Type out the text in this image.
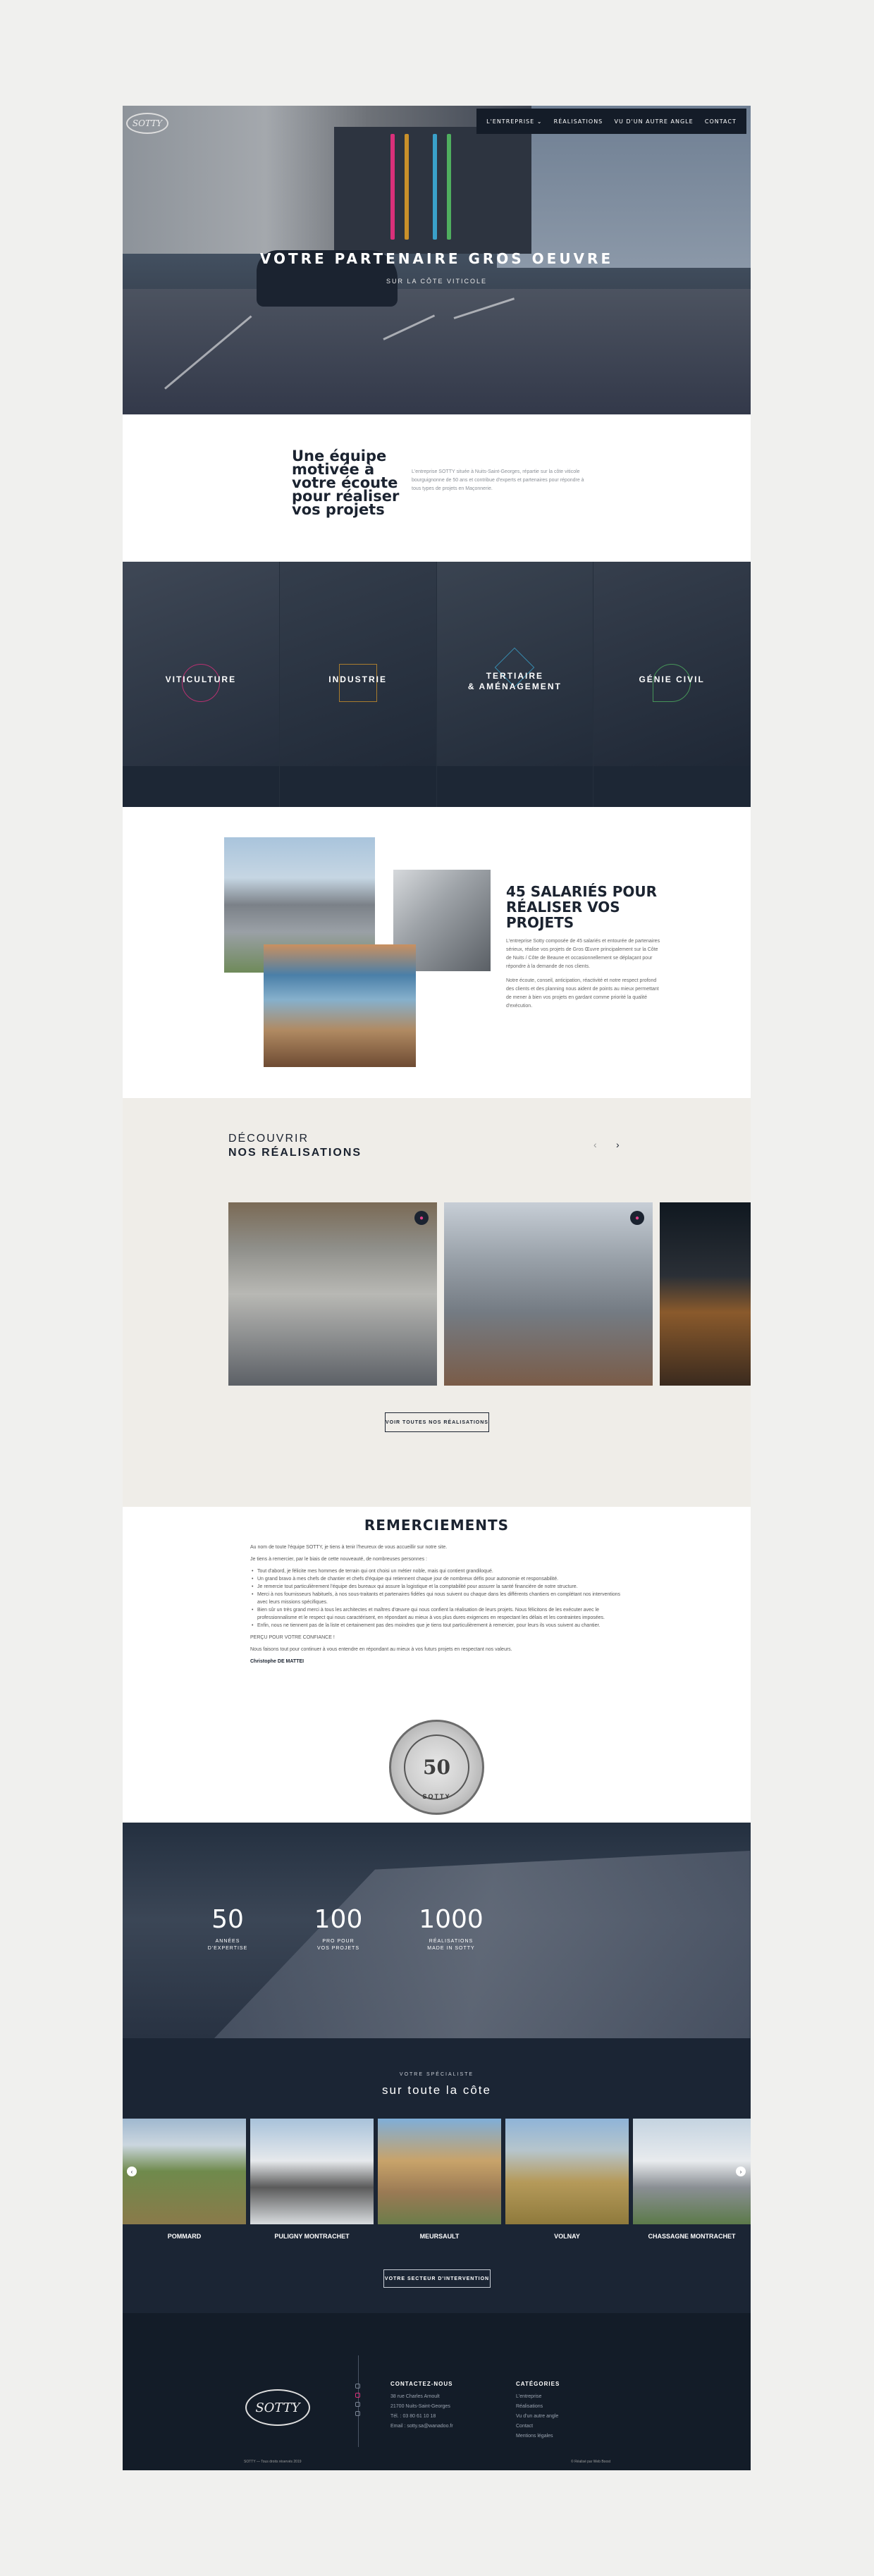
SOTTY	L'ENTREPRISE ⌄ RÉALISATIONS VU D'UN AUTRE ANGLE CONTACT
VOTRE PARTENAIRE GROS OEUVRE
SUR LA CÔTE VITICOLE
Une équipe motivée à votre écoute pour réaliser vos projets

L'entreprise SOTTY située à Nuits-Saint-Georges, répartie sur la côte viticole bourguignonne de 50 ans et contribue d'experts et partenaires pour répondre à tous types de projets en Maçonnerie.

VITICULTURE	INDUSTRIE	TERTIAIRE
& AMÉNAGEMENT
GÉNIE CIVIL
45 SALARIÉS POUR RÉALISER VOS PROJETS

L'entreprise Sotty composée de 45 salariés et entourée de partenaires sérieux, réalise vos projets de Gros Œuvre principalement sur la Côte de Nuits / Côte de Beaune et occasionnellement se déplaçant pour répondre à la demande de nos clients.

Notre écoute, conseil, anticipation, réactivité et notre respect profond des clients et des planning nous aident de points au mieux permettant de mener à bien vos projets en gardant comme priorité la qualité d'exécution.

DÉCOUVRIR
NOS RÉALISATIONS
‹ ›
●	●
VOIR TOUTES NOS RÉALISATIONS
REMERCIEMENTS

Au nom de toute l'équipe SOTTY, je tiens à tenir l'heureux de vous accueillir sur notre site.

Je tiens à remercier, par le biais de cette nouveauté, de nombreuses personnes :

• Tout d'abord, je félicite mes hommes de terrain qui ont choisi un métier noble, mais qui contient grandiloqué.
• Un grand bravo à mes chefs de chantier et chefs d'équipe qui retiennent chaque jour de nombreux défis pour autonomie et responsabilité.
• Je remercie tout particulièrement l'équipe des bureaux qui assure la logistique et la comptabilité pour assurer la santé financière de notre structure.
• Merci à nos fournisseurs habituels, à nos sous-traitants et partenaires fidèles qui nous suivent ou chaque dans les différents chantiers en complétant nos interventions avec leurs missions spécifiques.
• Bien sûr un très grand merci à tous les architectes et maîtres d'œuvre qui nous confient la réalisation de leurs projets. Nous félicitons de les exécuter avec le professionnalisme et le respect qui nous caractérisent, en répondant au mieux à vos plus dures exigences en respectant les délais et les contraintes imposées.
• Enfin, nous ne tiennent pas de la liste et certainement pas des moindres que je tiens tout particulièrement à remercier, pour leurs ils vous suivent au chantier.

PERÇU POUR VOTRE CONFIANCE !

Nous faisons tout pour continuer à vous entendre en répondant au mieux à vos futurs projets en respectant nos valeurs.

Christophe DE MATTEI

50
SOTTY
50
ANNÉES
D'EXPERTISE
100
PRO POUR
VOS PROJETS
1000
RÉALISATIONS
MADE IN SOTTY
VOTRE SPÉCIALISTE
sur toute la côte
‹	›
POMMARD	PULIGNY MONTRACHET	MEURSAULT	VOLNAY	CHASSAGNE MONTRACHET
VOTRE SECTEUR D'INTERVENTION
SOTTY
CONTACTEZ-NOUS
38 rue Charles Arnoult
21700 Nuits-Saint-Georges
Tél. : 03 80 61 10 18
Email : sotty.sa@wanadoo.fr
CATÉGORIES
L'entreprise
Réalisations
Vu d'un autre angle
Contact
Mentions légales
SOTTY — Tous droits réservés 2019	© Réalisé par Web Boost
